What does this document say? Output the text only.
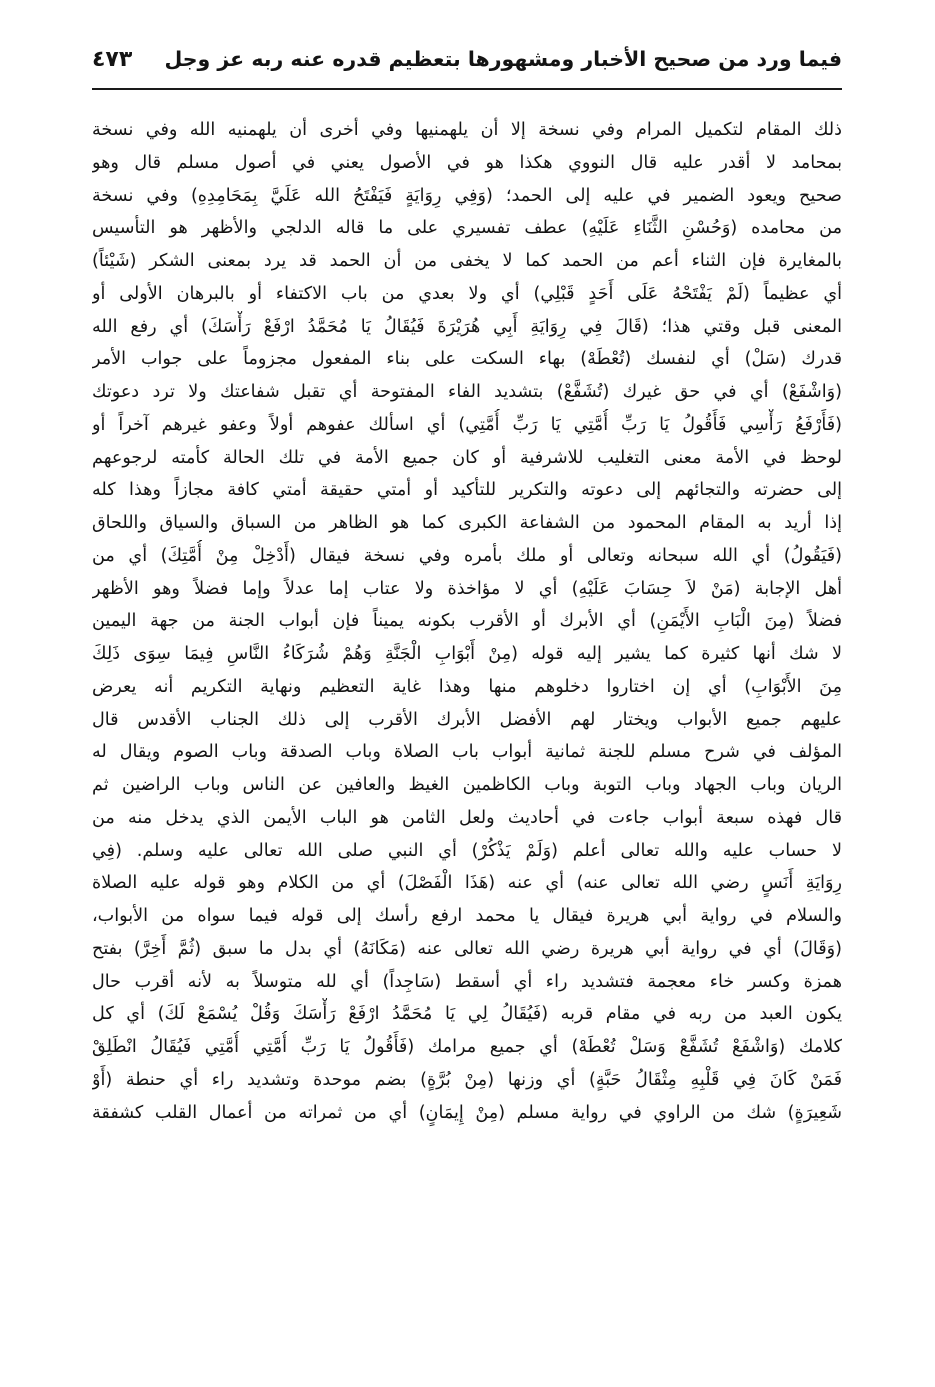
فيما ورد من صحيح الأخبار ومشهورها بتعظيم قدره عنه ربه عز وجل
٤٧٣
ذلك المقام لتكميل المرام وفي نسخة إلا أن يلهمنيها وفي أخرى أن يلهمنيه الله وفي نسخة
بمحامد لا أقدر عليه قال النووي هكذا هو في الأصول يعني في أصول مسلم قال وهو
صحيح ويعود الضمير في عليه إلى الحمد؛ (وَفِي رِوَايَةٍ فَيَفْتَحُ الله عَلَيَّ بِمَحَامِدِهِ) وفي نسخة
من محامده (وَحُسْنِ الثَّنَاءِ عَلَيْهِ) عطف تفسيري على ما قاله الدلجي والأظهر هو التأسيس
بالمغايرة فإن الثناء أعم من الحمد كما لا يخفى من أن الحمد قد يرد بمعنى الشكر (شَيْئاً)
أي عظيماً (لَمْ يَفْتَحْهُ عَلَى أَحَدٍ قَبْلِي) أي ولا بعدي من باب الاكتفاء أو بالبرهان الأولى أو
المعنى قبل وقتي هذا؛ (قَالَ فِي رِوَايَةِ أَبِي هُرَيْرَةَ فَيُقَالُ يَا مُحَمَّدُ ارْفَعْ رَأْسَكَ) أي رفع الله
قدرك (سَلْ) أي لنفسك (تُعْطَهْ) بهاء السكت على بناء المفعول مجزوماً على جواب الأمر
(وَاشْفَعْ) أي في حق غيرك (تُشَفَّعْ) بتشديد الفاء المفتوحة أي تقبل شفاعتك ولا ترد دعوتك
(فَأَرْفَعُ رَأْسِي فَأَقُولُ يَا رَبِّ أُمَّتِي يَا رَبِّ أُمَّتِي) أي اسألك عفوهم أولاً وعفو غيرهم آخراً أو
لوحظ في الأمة معنى التغليب للاشرفية أو كان جميع الأمة في تلك الحالة كأمته لرجوعهم
إلى حضرته والتجائهم إلى دعوته والتكرير للتأكيد أو أمتي حقيقة أمتي كافة مجازاً وهذا كله
إذا أريد به المقام المحمود من الشفاعة الكبرى كما هو الظاهر من السباق والسياق واللحاق
(فَيَقُولُ) أي الله سبحانه وتعالى أو ملك بأمره وفي نسخة فيقال (أَدْخِلْ مِنْ أُمَّتِكَ) أي من
أهل الإجابة (مَنْ لاَ حِسَابَ عَلَيْهِ) أي لا مؤاخذة ولا عتاب إما عدلاً وإما فضلاً وهو الأظهر
فضلاً (مِنَ الْبَابِ الأَيْمَنِ) أي الأبرك أو الأقرب بكونه يميناً فإن أبواب الجنة من جهة اليمين
لا شك أنها كثيرة كما يشير إليه قوله (مِنْ أَبْوَابِ الْجَنَّةِ وَهُمْ شُرَكَاءُ النَّاسِ فِيمَا سِوَى ذَلِكَ
مِنَ الأَبْوَابِ) أي إن اختاروا دخلوهم منها وهذا غاية التعظيم ونهاية التكريم أنه يعرض
عليهم جميع الأبواب ويختار لهم الأفضل الأبرك الأقرب إلى ذلك الجناب الأقدس قال
المؤلف في شرح مسلم للجنة ثمانية أبواب باب الصلاة وباب الصدقة وباب الصوم ويقال له
الريان وباب الجهاد وباب التوبة وباب الكاظمين الغيظ والعافين عن الناس وباب الراضين ثم
قال فهذه سبعة أبواب جاءت في أحاديث ولعل الثامن هو الباب الأيمن الذي يدخل منه من
لا حساب عليه والله تعالى أعلم (وَلَمْ يَذْكُرْ) أي النبي صلى الله تعالى عليه وسلم. (فِي
رِوَايَةِ أَنَسٍ رضي الله تعالى عنه) أي عنه (هَذَا الْفَصْلَ) أي من الكلام وهو قوله عليه الصلاة
والسلام في رواية أبي هريرة فيقال يا محمد ارفع رأسك إلى قوله فيما سواه من الأبواب،
(وَقَالَ) أي في رواية أبي هريرة رضي الله تعالى عنه (مَكَانَهُ) أي بدل ما سبق (ثُمَّ أَخِرَّ) بفتح
همزة وكسر خاء معجمة فتشديد راء أي أسقط (سَاجِداً) أي لله متوسلاً به لأنه أقرب حال
يكون العبد من ربه في مقام قربه (فَيُقَالُ لِي يَا مُحَمَّدُ ارْفَعْ رَأْسَكَ وَقُلْ يُسْمَعْ لَكَ) أي كل
كلامك (وَاشْفَعْ تُشَفَّعْ وَسَلْ تُعْطَهْ) أي جميع مرامك (فَأَقُولُ يَا رَبِّ أُمَّتِي أُمَّتِي فَيُقَالُ انْطَلِقْ
فَمَنْ كَانَ فِي قَلْبِهِ مِثْقَالُ حَبَّةٍ) أي وزنها (مِنْ بُرَّةٍ) بضم موحدة وتشديد راء أي حنطة (أَوْ
شَعِيرَةٍ) شك من الراوي في رواية مسلم (مِنْ إِيمَانٍ) أي من ثمراته من أعمال القلب كشفقة
